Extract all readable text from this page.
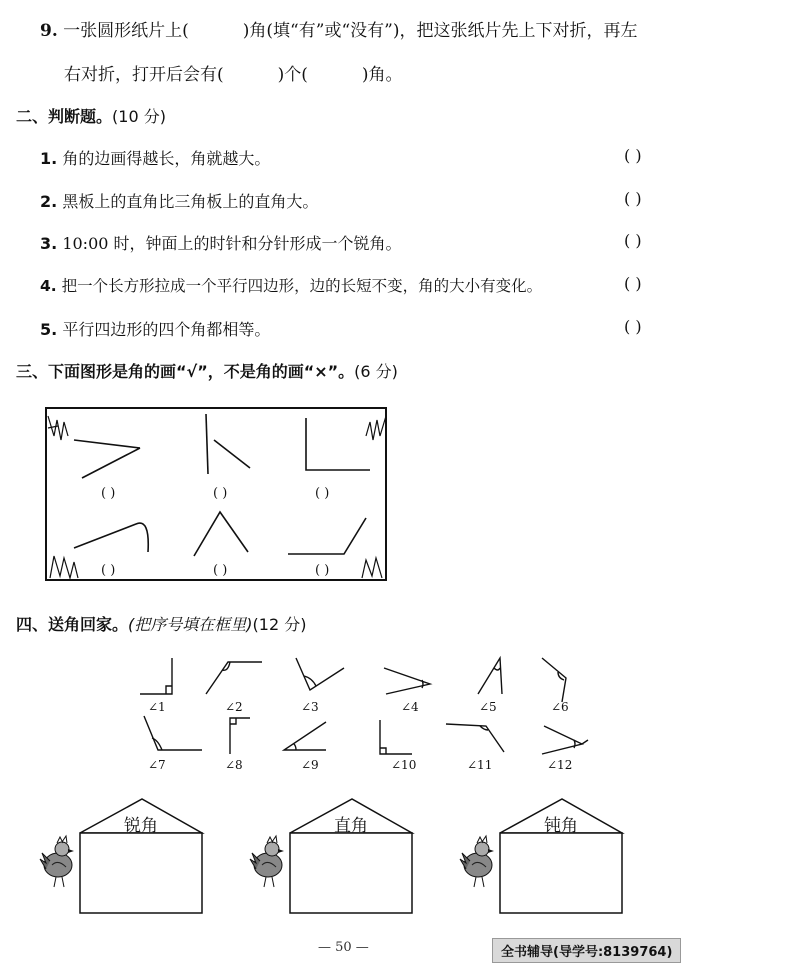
9. 一张圆形纸片上(	)角(填“有”或“没有”)，把这张纸片先上下对折，再左
右对折，打开后会有(	)个(	)角。
二、判断题。(10 分)
1. 角的边画得越长，角就越大。	( )
2. 黑板上的直角比三角板上的直角大。	( )
3. 10:00 时，钟面上的时针和分针形成一个锐角。	( )
4. 把一个长方形拉成一个平行四边形，边的长短不变，角的大小有变化。	( )
5. 平行四边形的四个角都相等。	( )
三、下面图形是角的画“√”，不是角的画“×”。(6 分)
( )	( )	( )
( )	( )	( )
四、送角回家。(把序号填在框里)(12 分)
∠1	∠2	∠3	∠4	∠5	∠6
∠7	∠8	∠9	∠10	∠11	∠12
锐角	直角	钝角
— 50 —	全书辅导(导学号:8139764)
